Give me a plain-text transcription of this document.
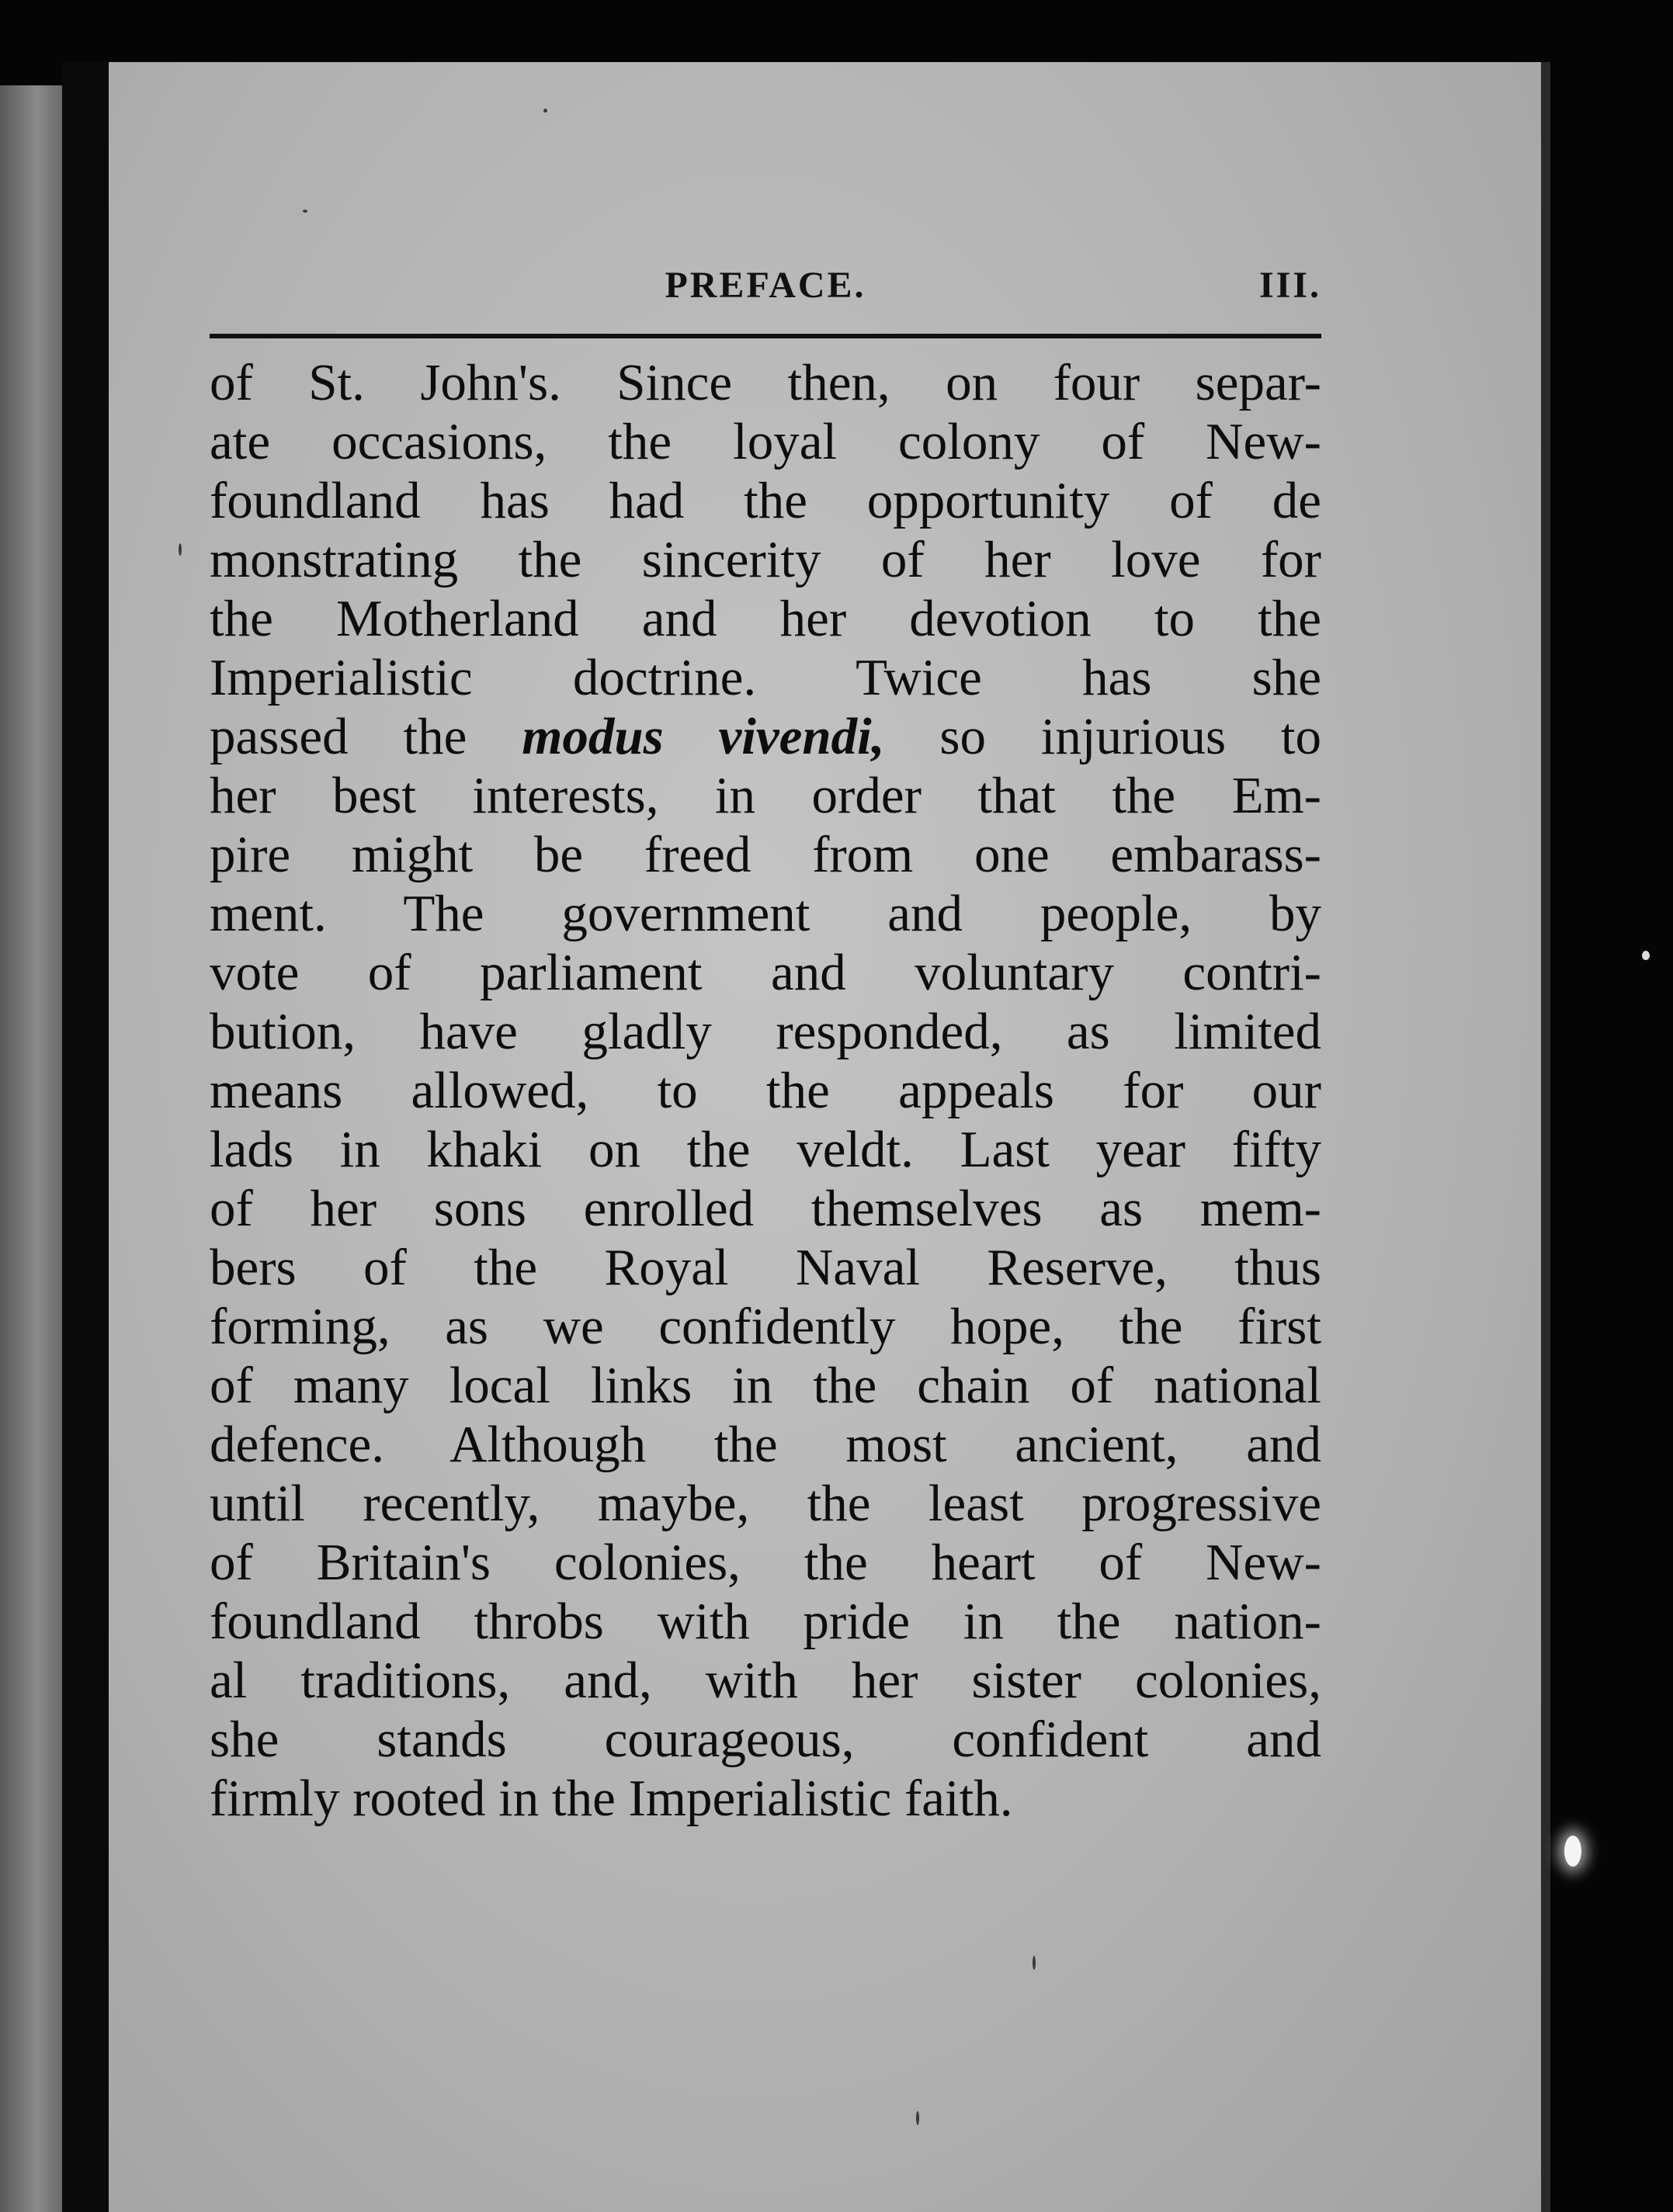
PREFACE.	III.
of St. John's. Since then, on four separ-
ate occasions, the loyal colony of New-
foundland has had the opportunity of de
monstrating the sincerity of her love for
the Motherland and her devotion to the
Imperialistic doctrine. Twice has she
passed the modus vivendi, so injurious to
her best interests, in order that the Em-
pire might be freed from one embarass-
ment. The government and people, by
vote of parliament and voluntary contri-
bution, have gladly responded, as limited
means allowed, to the appeals for our
lads in khaki on the veldt. Last year fifty
of her sons enrolled themselves as mem-
bers of the Royal Naval Reserve, thus
forming, as we confidently hope, the first
of many local links in the chain of national
defence. Although the most ancient, and
until recently, maybe, the least progressive
of Britain's colonies, the heart of New-
foundland throbs with pride in the nation-
al traditions, and, with her sister colonies,
she stands courageous, confident and
firmly rooted in the Imperialistic faith.
